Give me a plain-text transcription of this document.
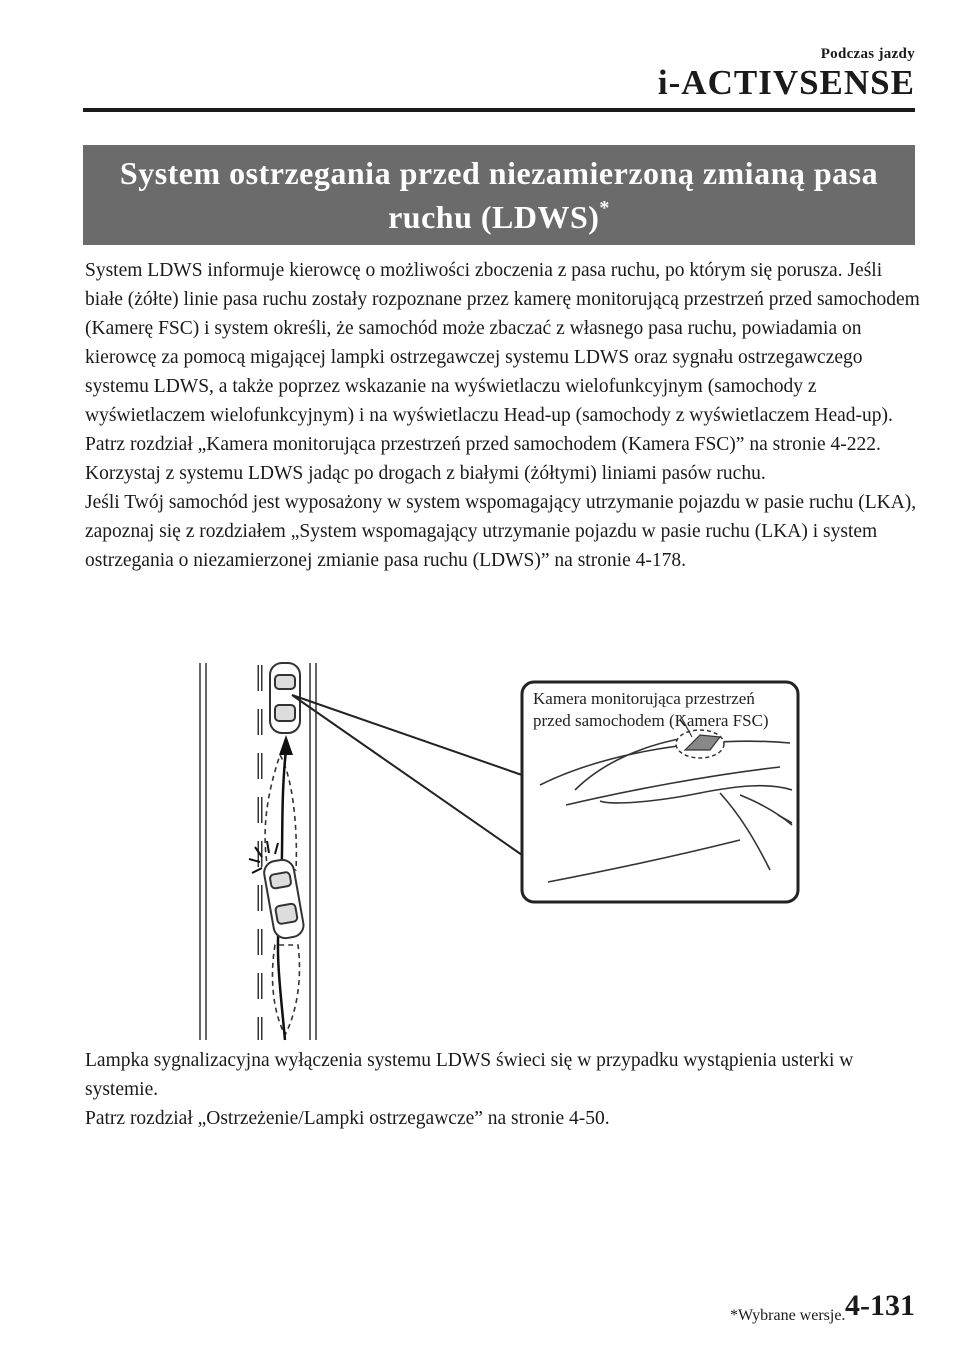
Podczas jazdy
i-ACTIVSENSE
System ostrzegania przed niezamierzoną zmianą pasa
ruchu (LDWS)*

System LDWS informuje kierowcę o możliwości zboczenia z pasa ruchu, po którym się porusza. Jeśli białe (żółte) linie pasa ruchu zostały rozpoznane przez kamerę monitorującą przestrzeń przed samochodem (Kamerę FSC) i system określi, że samochód może zbaczać z własnego pasa ruchu, powiadamia on kierowcę za pomocą migającej lampki ostrzegawczej systemu LDWS oraz sygnału ostrzegawczego systemu LDWS, a także poprzez wskazanie na wyświetlaczu wielofunkcyjnym (samochody z wyświetlaczem wielofunkcyjnym) i na wyświetlaczu Head-up (samochody z wyświetlaczem Head-up).

Patrz rozdział „Kamera monitorująca przestrzeń przed samochodem (Kamera FSC)” na stronie 4-222.

Korzystaj z systemu LDWS jadąc po drogach z białymi (żółtymi) liniami pasów ruchu.

Jeśli Twój samochód jest wyposażony w system wspomagający utrzymanie pojazdu w pasie ruchu (LKA), zapoznaj się z rozdziałem „System wspomagający utrzymanie pojazdu w pasie ruchu (LKA) i system ostrzegania o niezamierzonej zmianie pasa ruchu (LDWS)” na stronie 4-178.

Kamera monitorująca przestrzeń
przed samochodem (Kamera FSC)

Lampka sygnalizacyjna wyłączenia systemu LDWS świeci się w przypadku wystąpienia usterki w systemie.

Patrz rozdział „Ostrzeżenie/Lampki ostrzegawcze” na stronie 4-50.

*Wybrane wersje. 4-131
